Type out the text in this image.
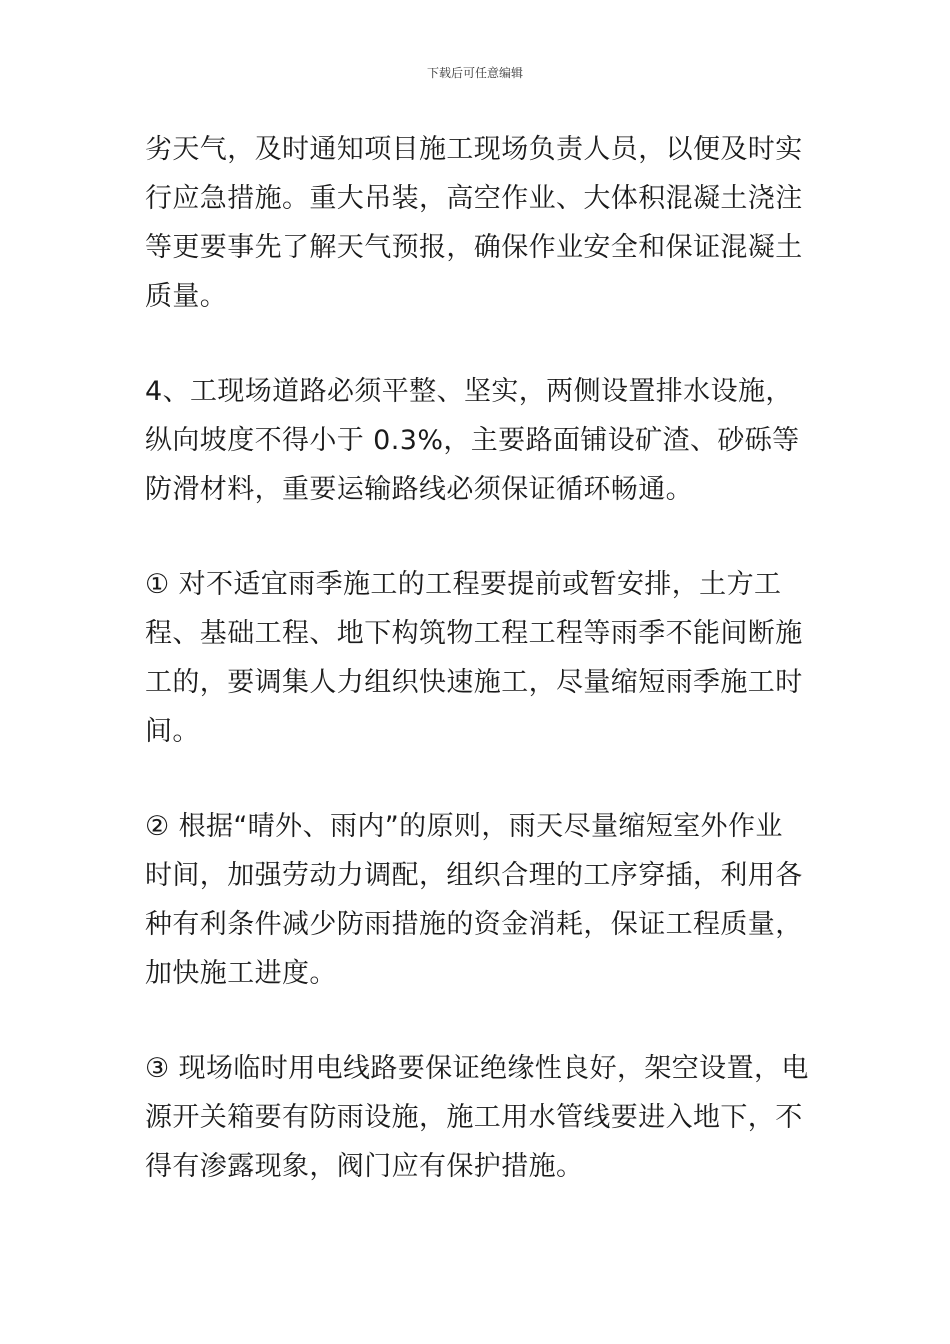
下载后可任意编辑

劣天气，及时通知项目施工现场负责人员，以便及时实行应急措施。重大吊装，高空作业、大体积混凝土浇注等更要事先了解天气预报，确保作业安全和保证混凝土质量。

4、工现场道路必须平整、坚实，两侧设置排水设施，纵向坡度不得小于 0.3%，主要路面铺设矿渣、砂砾等防滑材料，重要运输路线必须保证循环畅通。

① 对不适宜雨季施工的工程要提前或暂安排，土方工程、基础工程、地下构筑物工程工程等雨季不能间断施工的，要调集人力组织快速施工，尽量缩短雨季施工时间。

② 根据“晴外、雨内”的原则，雨天尽量缩短室外作业时间，加强劳动力调配，组织合理的工序穿插，利用各种有利条件减少防雨措施的资金消耗，保证工程质量，加快施工进度。

③ 现场临时用电线路要保证绝缘性良好，架空设置，电源开关箱要有防雨设施，施工用水管线要进入地下，不得有渗露现象，阀门应有保护措施。
